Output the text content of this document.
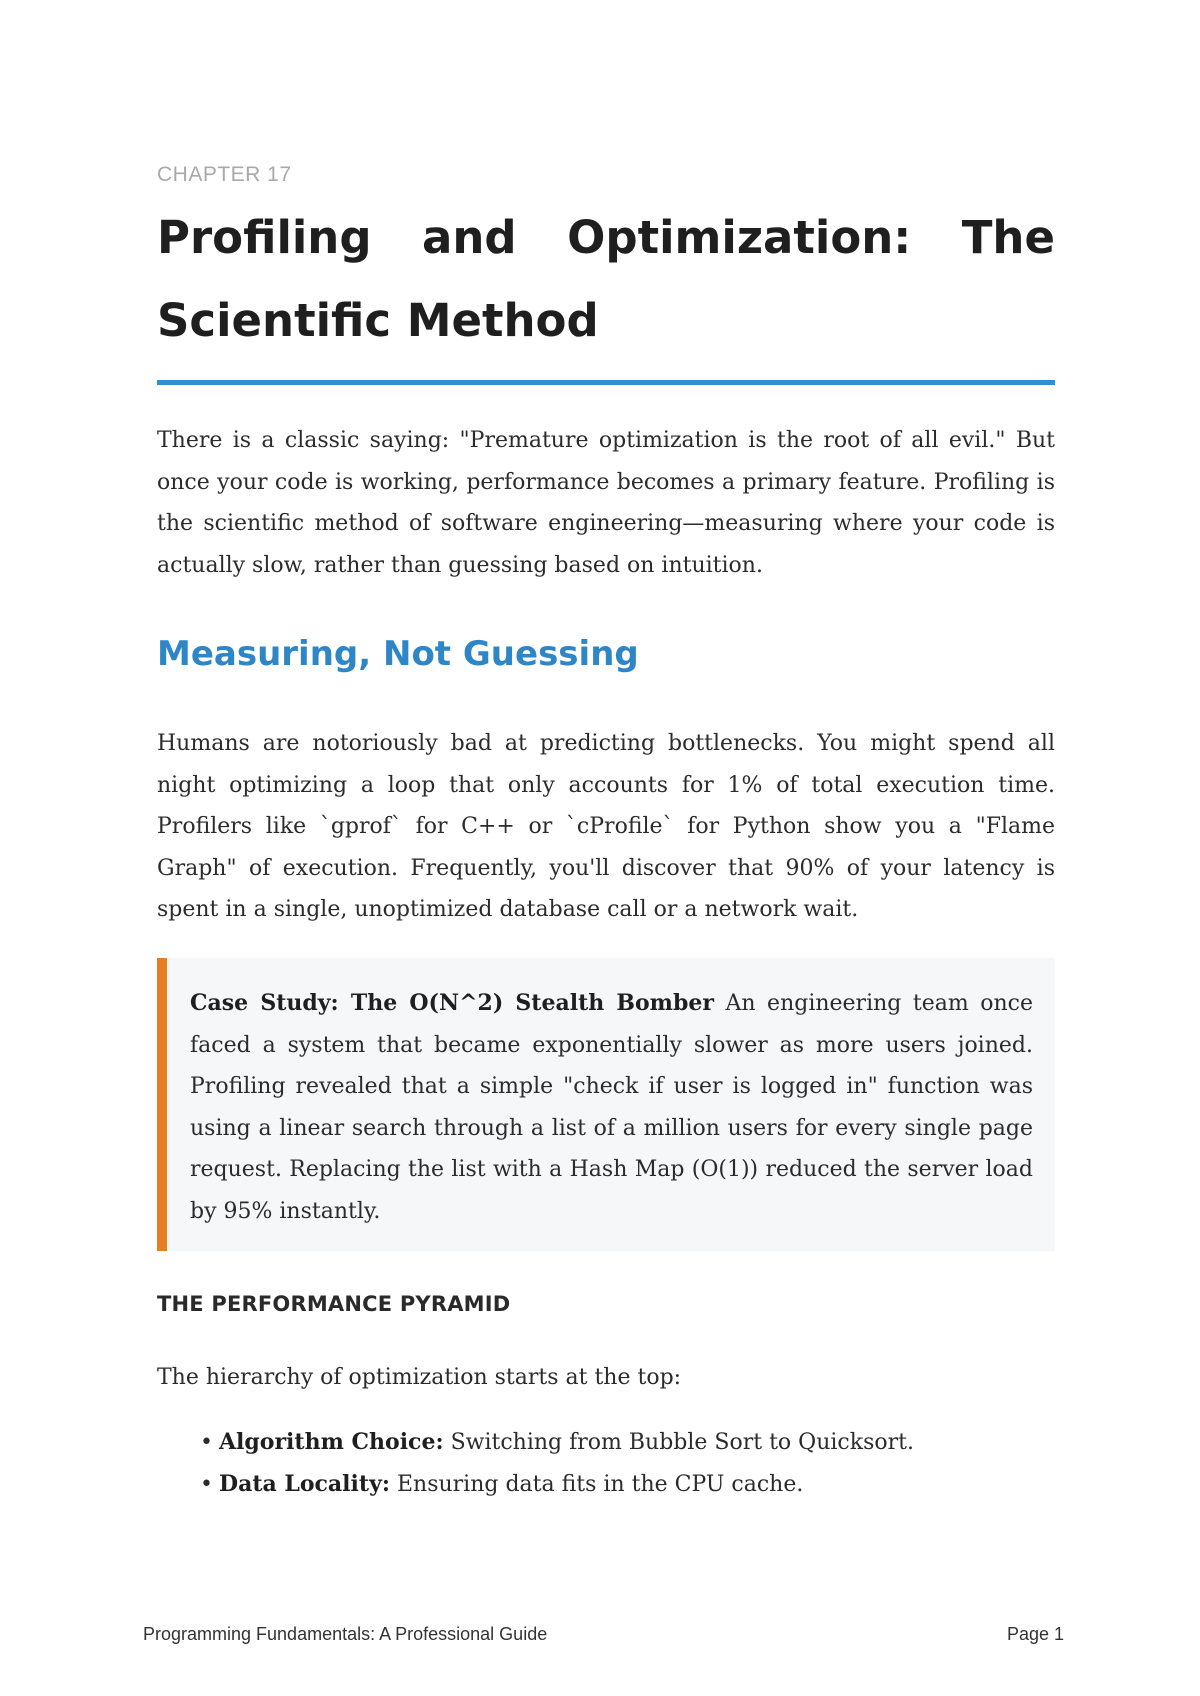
CHAPTER 17
Profiling and Optimization: The Scientific Method

There is a classic saying: "Premature optimization is the root of all evil." But once your code is working, performance becomes a primary feature. Profiling is the scientific method of software engineering—measuring where your code is actually slow, rather than guessing based on intuition.

Measuring, Not Guessing

Humans are notoriously bad at predicting bottlenecks. You might spend all night optimizing a loop that only accounts for 1% of total execution time. Profilers like `gprof` for C++ or `cProfile` for Python show you a "Flame Graph" of execution. Frequently, you'll discover that 90% of your latency is spent in a single, unoptimized database call or a network wait.

Case Study: The O(N^2) Stealth Bomber An engineering team once faced a system that became exponentially slower as more users joined. Profiling revealed that a simple "check if user is logged in" function was using a linear search through a list of a million users for every single page request. Replacing the list with a Hash Map (O(1)) reduced the server load by 95% instantly.

THE PERFORMANCE PYRAMID

The hierarchy of optimization starts at the top:

• Algorithm Choice: Switching from Bubble Sort to Quicksort.
• Data Locality: Ensuring data fits in the CPU cache.
Programming Fundamentals: A Professional Guide	Page 1
